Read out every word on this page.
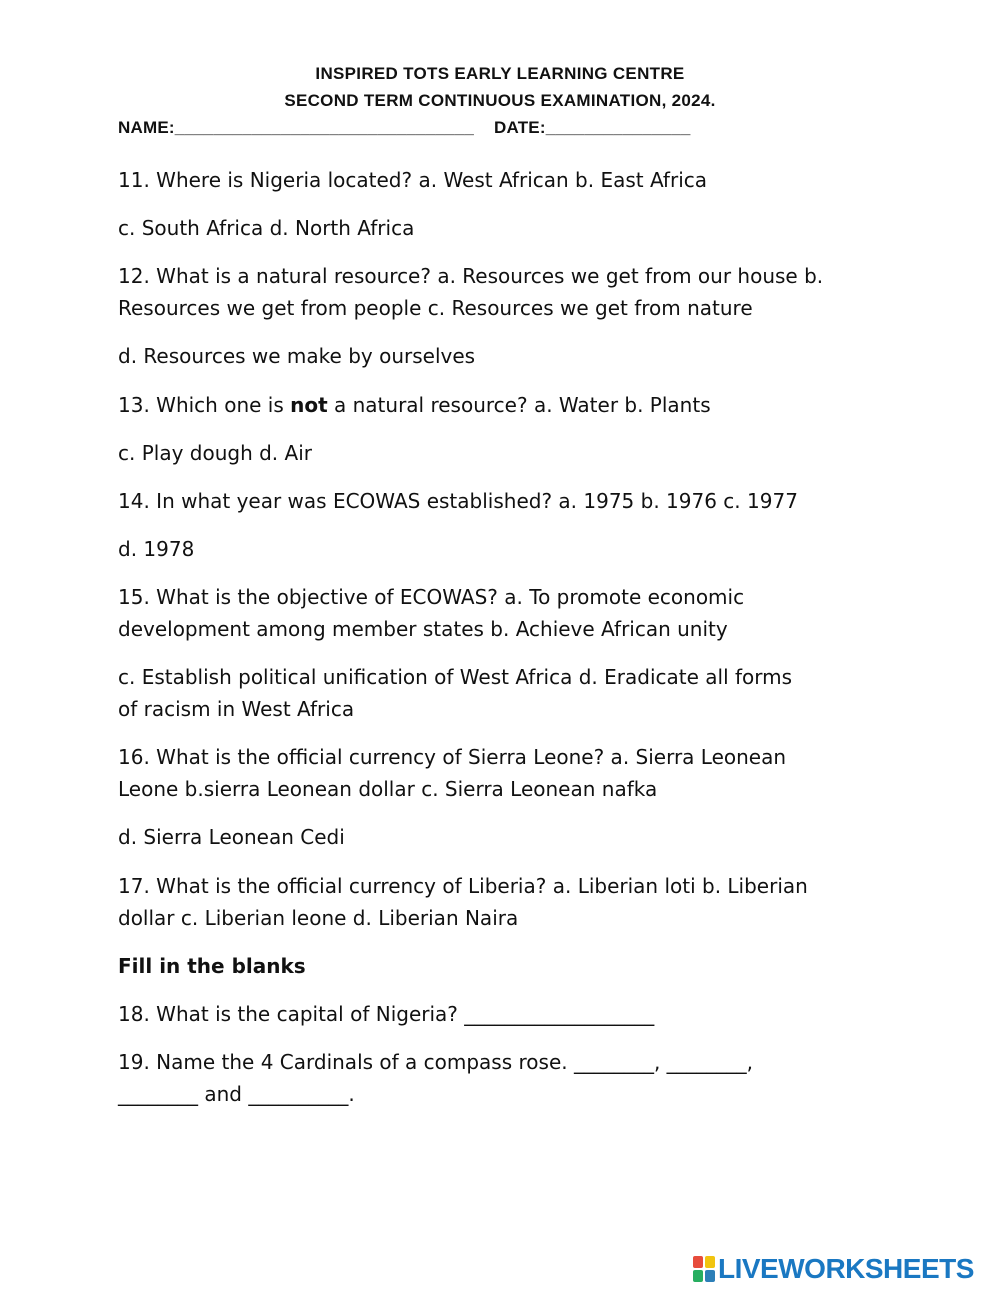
INSPIRED TOTS EARLY LEARNING CENTRE
SECOND TERM CONTINUOUS EXAMINATION, 2024.
NAME:_______________________________ DATE:_______________
11. Where is Nigeria located? a. West African b. East Africa
c. South Africa d. North Africa
12. What is a natural resource? a. Resources we get from our house b.
Resources we get from people c. Resources we get from nature
d. Resources we make by ourselves
13. Which one is not a natural resource? a. Water b. Plants
c. Play dough d. Air
14. In what year was ECOWAS established? a. 1975 b. 1976 c. 1977
d. 1978
15. What is the objective of ECOWAS? a. To promote economic
development among member states b. Achieve African unity
c. Establish political unification of West Africa d. Eradicate all forms
of racism in West Africa
16. What is the official currency of Sierra Leone? a. Sierra Leonean
Leone b.sierra Leonean dollar c. Sierra Leonean nafka
d. Sierra Leonean Cedi
17. What is the official currency of Liberia? a. Liberian loti b. Liberian
dollar c. Liberian leone d. Liberian Naira
Fill in the blanks
18. What is the capital of Nigeria? ___________________
19. Name the 4 Cardinals of a compass rose. ________, ________,
________ and __________.
LIVEWORKSHEETS
